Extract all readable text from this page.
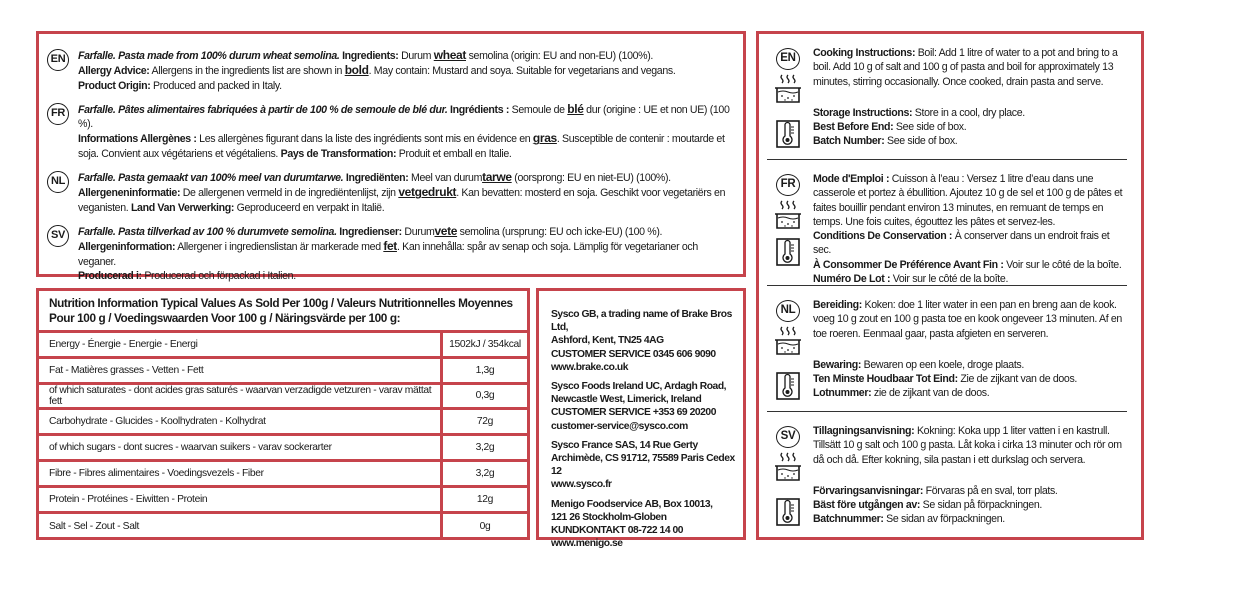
EN	Farfalle. Pasta made from 100% durum wheat semolina. Ingredients: Durum wheat semolina (origin: EU and non-EU) (100%).
Allergy Advice: Allergens in the ingredients list are shown in bold. May contain: Mustard and soya. Suitable for vegetarians and vegans.
Product Origin: Produced and packed in Italy.
FR	Farfalle. Pâtes alimentaires fabriquées à partir de 100 % de semoule de blé dur. Ingrédients : Semoule de blé dur (origine : UE et non UE) (100 %).
Informations Allergènes : Les allergènes figurant dans la liste des ingrédients sont mis en évidence en gras. Susceptible de contenir : moutarde et soja. Convient aux végétariens et végétaliens. Pays de Transformation: Produit et emball en Italie.
NL	Farfalle. Pasta gemaakt van 100% meel van durumtarwe. Ingrediënten: Meel van durumtarwe (oorsprong: EU en niet-EU) (100%).
Allergeneninformatie: De allergenen vermeld in de ingrediëntenlijst, zijn vetgedrukt. Kan bevatten: mosterd en soja. Geschikt voor vegetariërs en veganisten. Land Van Verwerking: Geproduceerd en verpakt in Italië.
SV	Farfalle. Pasta tillverkad av 100 % durumvete semolina. Ingredienser: Durumvete semolina (ursprung: EU och icke-EU) (100 %).
Allergeninformation: Allergener i ingredienslistan är markerade med fet. Kan innehålla: spår av senap och soja. Lämplig för vegetarianer och veganer.
Producerad i: Producerad och förpackad i Italien.
Nutrition Information Typical Values As Sold Per 100g / Valeurs Nutritionnelles Moyennes Pour 100 g / Voedingswaarden Voor 100 g / Näringsvärde per 100 g:
Energy - Énergie - Energie - Energi	1502kJ / 354kcal
Fat - Matières grasses - Vetten - Fett	1,3g
of which saturates - dont acides gras saturés - waarvan verzadigde vetzuren - varav mättat fett	0,3g
Carbohydrate - Glucides - Koolhydraten - Kolhydrat	72g
of which sugars - dont sucres - waarvan suikers - varav sockerarter	3,2g
Fibre - Fibres alimentaires - Voedingsvezels - Fiber	3,2g
Protein - Protéines - Eiwitten - Protein	12g
Salt - Sel - Zout - Salt	0g
Sysco GB, a trading name of Brake Bros Ltd,
Ashford, Kent, TN25 4AG
CUSTOMER SERVICE 0345 606 9090
www.brake.co.uk
Sysco Foods Ireland UC, Ardagh Road,
Newcastle West, Limerick, Ireland
CUSTOMER SERVICE +353 69 20200
customer-service@sysco.com
Sysco France SAS, 14 Rue Gerty
Archimède, CS 91712, 75589 Paris Cedex 12
www.sysco.fr
Menigo Foodservice AB, Box 10013,
121 26 Stockholm-Globen
KUNDKONTAKT 08-722 14 00
www.menigo.se
EN	Cooking Instructions: Boil: Add 1 litre of water to a pot and bring to a boil. Add 10 g of salt and 100 g of pasta and boil for approximately 13 minutes, stirring occasionally. Once cooked, drain pasta and serve.

Storage Instructions: Store in a cool, dry place.

Best Before End: See side of box.

Batch Number: See side of box.

FR	Mode d'Emploi : Cuisson à l’eau : Versez 1 litre d’eau dans une casserole et portez à ébullition. Ajoutez 10 g de sel et 100 g de pâtes et faites bouillir pendant environ 13 minutes, en remuant de temps en temps. Une fois cuites, égouttez les pâtes et servez-les.

Conditions De Conservation : À conserver dans un endroit frais et sec.

À Consommer De Préférence Avant Fin : Voir sur le côté de la boîte.

Numéro De Lot : Voir sur le côté de la boîte.

NL	Bereiding: Koken: doe 1 liter water in een pan en breng aan de kook. voeg 10 g zout en 100 g pasta toe en kook ongeveer 13 minuten. Af en toe roeren. Eenmaal gaar, pasta afgieten en serveren.

Bewaring: Bewaren op een koele, droge plaats.

Ten Minste Houdbaar Tot Eind: Zie de zijkant van de doos.

Lotnummer: zie de zijkant van de doos.

SV	Tillagningsanvisning: Kokning: Koka upp 1 liter vatten i en kastrull. Tillsätt 10 g salt och 100 g pasta. Låt koka i cirka 13 minuter och rör om då och då. Efter kokning, sila pastan i ett durkslag och servera.

Förvaringsanvisningar: Förvaras på en sval, torr plats.

Bäst före utgången av: Se sidan på förpackningen.

Batchnummer: Se sidan av förpackningen.
